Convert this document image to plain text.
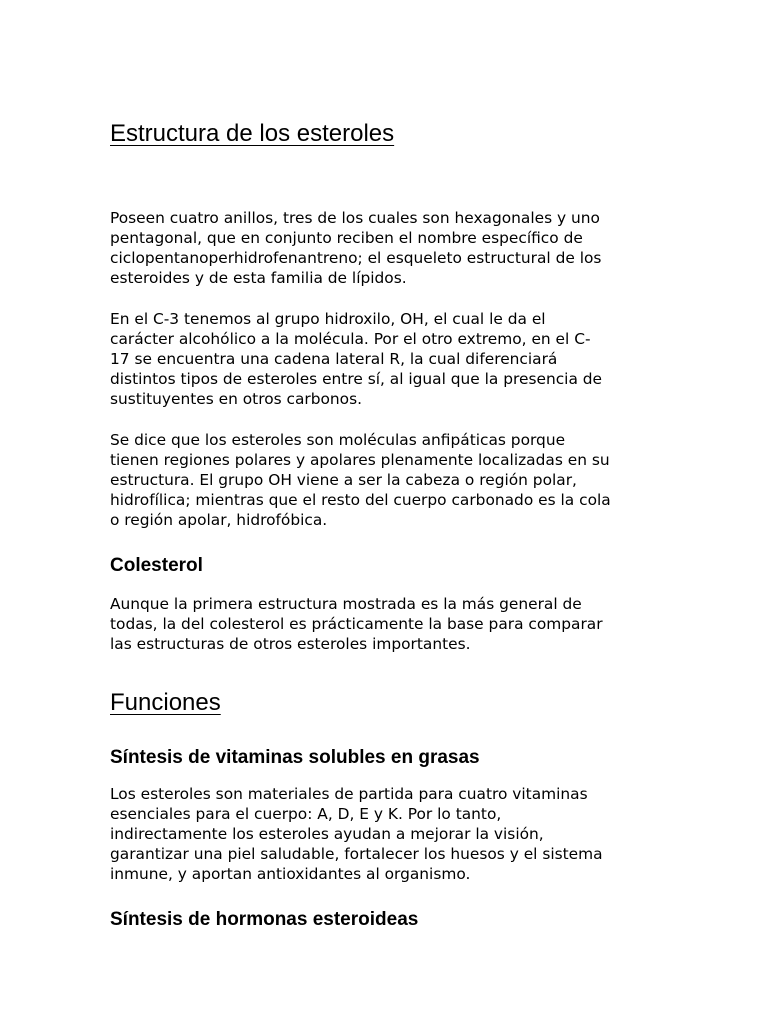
Estructura de los esteroles

Poseen cuatro anillos, tres de los cuales son hexagonales y uno
pentagonal, que en conjunto reciben el nombre específico de
ciclopentanoperhidrofenantreno; el esqueleto estructural de los
esteroides y de esta familia de lípidos.

En el C-3 tenemos al grupo hidroxilo, OH, el cual le da el
carácter alcohólico a la molécula. Por el otro extremo, en el C-
17 se encuentra una cadena lateral R, la cual diferenciará
distintos tipos de esteroles entre sí, al igual que la presencia de
sustituyentes en otros carbonos.

Se dice que los esteroles son moléculas anfipáticas porque
tienen regiones polares y apolares plenamente localizadas en su
estructura. El grupo OH viene a ser la cabeza o región polar,
hidrofílica; mientras que el resto del cuerpo carbonado es la cola
o región apolar, hidrofóbica.

Colesterol

Aunque la primera estructura mostrada es la más general de
todas, la del colesterol es prácticamente la base para comparar
las estructuras de otros esteroles importantes.

Funciones
Síntesis de vitaminas solubles en grasas

Los esteroles son materiales de partida para cuatro vitaminas
esenciales para el cuerpo: A, D, E y K. Por lo tanto,
indirectamente los esteroles ayudan a mejorar la visión,
garantizar una piel saludable, fortalecer los huesos y el sistema
inmune, y aportan antioxidantes al organismo.

Síntesis de hormonas esteroideas
